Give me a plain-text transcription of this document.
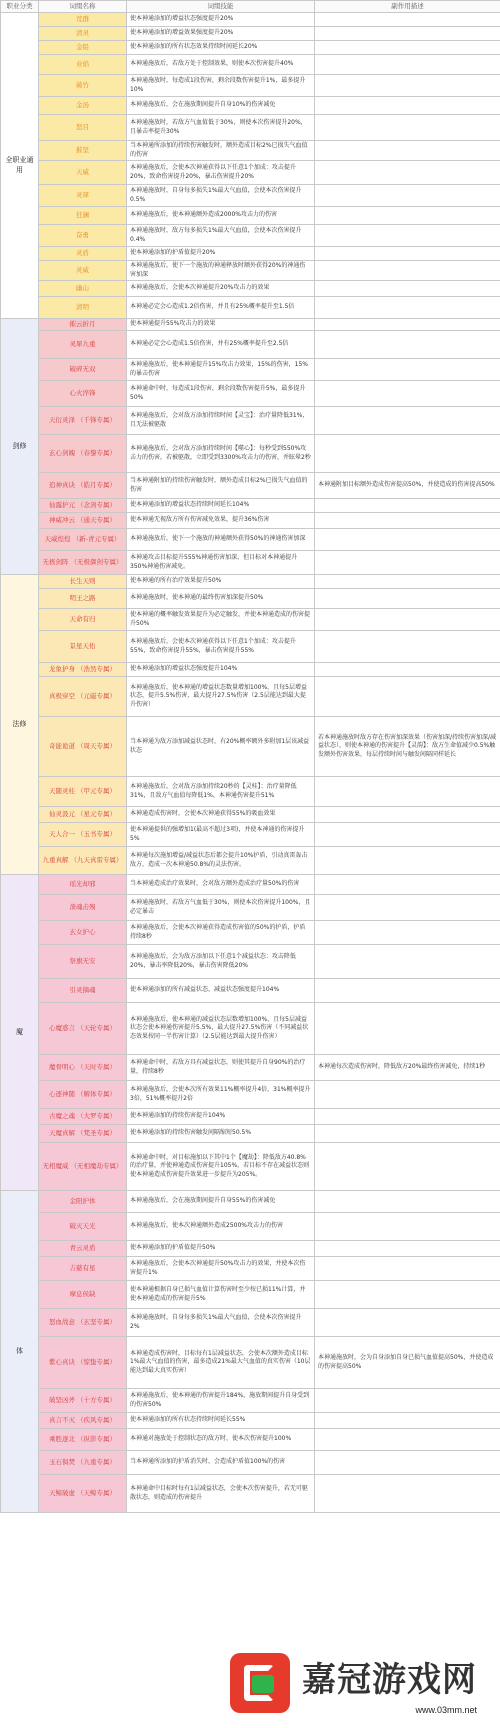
职业分类	词缀名称	词缀技能	副作用描述
全职业通用	荒群	使本神通添加的增益状态强度提升20%	
	清灵	使本神通添加的增益效果强度提升20%	
	金铅	使本神通添加的所有状态效果持续时间延长20%	
	业焰	本神通施放后，若敌方处于控制效果，则使本次伤害提升40%	
	破竹	本神通施放时，每造成1段伤害，剩余段数伤害提升1%，最多提升10%	
	金汤	本神通施放后，会在施放期间提升自身10%的伤害减免	
	怒目	本神通施放时，若敌方气血值低于30%，则使本次伤害提升20%，且暴击率提升30%	
	摧坚	当本神通所添加的持续伤害触发时，额外造成目标2%已损失气血值的伤害	
	天威	本神通施放后，会使本次神通获得以下任意1个加成：攻击提升20%，致命伤害提升20%，暴击伤害提升20%	
	灵犀	本神通施放时，自身每多损失1%最大气血值，会使本次伤害提升0.5%	
	狂澜	本神通施放后，使本神通额外造成2000%攻击力的伤害	
	奋勇	本神通施放时，敌方每多损失1%最大气血值，会使本次伤害提升0.4%	
	灵盾	使本神通添加的护盾值提升20%	
	灵威	本神通施放后，使下一个施放的神通释放时额外获得20%的神通伤害加深	
	幽山	本神通施放后，会使本次神通提升20%攻击力的效果	
	清明	本神通必定会心造成1.2倍伤害，并且有25%概率提升至1.5倍	
剑修	摧云折月	使本神通提升55%攻击力的效果	
	灵犀九重	本神通必定会心造成1.5倍伤害，并有25%概率提升至2.5倍	
	破碎无双	本神通施放后，使本神通提升15%攻击力效果，15%的伤害，15%的暴击伤害	
	心火淬锋	本神通命中时，每造成1段伤害，剩余段数伤害提升5%，最多提升50%	
	天衍灵泽 （千锋专属）	本神通施放后，会对敌方添加持续时间【灵宝】：治疗量降低31%，且无法被驱散	
	玄心剑魄 （春黎专属）	本神通施放后，会对敌方添加持续时间【噬心】：每秒受到550%攻击力的伤害，若被驱散，立即受到3300%攻击力的伤害，并眩晕2秒	
	追神真诀 （皓月专属）	当本神通附加的持续伤害触发时，额外造成目标2%已损失气血值的伤害	本神通附加目标额外造成伤害提高50%，并使造成的伤害提高50%
	仙露护元 （念剑专属）	使本神通添加的增益状态持续时间延长104%	
	神威冲云 （通天专属）	使本神通无视敌方所有伤害减免效果，提升36%伤害	
	天威煌煌 （新-青元专属）	本神通施放后，使下一个施放的神通额外获得50%的神通伤害加深	
	无极剑阵 （无极御剑专属）	本神通攻击目标提升555%神通伤害加深，但目标对本神通提升350%神通伤害减免。	
法修	长生天则	使本神通的所有治疗效果提升50%	
	明王之路	本神通施放时，使本神通的最终伤害加深提升50%	
	天命有归	使本神通的概率触发效果提升为必定触发，并使本神通造成的伤害提升50%	
	景星天佑	本神通施放后，会使本次神通获得以下任意1个加成：攻击提升55%，致命伤害提升55%，暴击伤害提升55%	
	龙象护身 （浩然专属）	使本神通添加的增益状态强度提升104%	
	真极穿空 （元磁专属）	本神通施放后，使本神通的增益状态数量增加100%，且每5层增益状态，提升5.5%伤害，最大提升27.5%伤害（2.5层能达到最大提升伤害）	
	奇能诡道 （周天专属）	当本神通为敌方添加减益状态时，有20%概率额外多附加1层该减益状态	若本神通施放时敌方存在伤害加深效果（伤害加深/持续伤害加深/减益状态），则使本神通的伤害提升【灵韵】：敌方生命值减少0.5%触发额外伤害效果，每层持续时间与触发间隔同样延长
	天随灵桂 （甲元专属）	本神通施放后，会对敌方添加持续20秒的【灵桂】：治疗量降低31%，且敌方气血值每降低1%，本神通伤害提升51%	
	仙灵汲元 （星元专属）	本神通造成伤害时，会使本次神通获得55%的吸血效果	
	天人合一 （玉书专属）	使本神通提供的强增加1(最高不超过3项)，并使本神通的伤害提升5%	
	九重真解 （九天真雷专属）	本神通每次施加增益/减益状态后都会提升10%护盾，引动真雷轰击敌方，造成一次本神通50.8%的灵法伤害。	
魔	瑶光却邪	当本神通造成治疗效果时，会对敌方额外造成治疗量50%的伤害	
	溃魂击殒	本神通施放时，若敌方气血低于30%，则使本次伤害提升100%，且必定暴击	
	玄女护心	本神通施放后，会使本次神通获得造成伤害值的50%的护盾，护盾持续8秒	
	祭旗无安	本神通施放后，会为敌方添加以下任意1个减益状态：攻击降低20%，暴击率降低20%，暴击伤害降低20%	
	引灵摘魂	使本神通添加的所有减益状态，减益状态强度提升104%	
	心魔惑言 （天轮专属）	本神通施放后，使本神通的减益状态层数增加100%，且每5层减益状态会使本神通伤害提升5.5%，最大提升27.5%伤害（不同减益状态效果按同一半伤害计算）（2.5层能达到最大提升伤害）	
	魔骨明心 （天时专属）	本神通命中时，若敌方具有减益状态，则使其提升自身90%的治疗量，持续8秒	本神通每次造成伤害时，降低敌方20%最终伤害减免，持续1秒
	心逐神随 （解体专属）	本神通施放后，会使本次所有效果11%概率提升4倍，31%概率提升3倍，51%概率提升2倍	
	古魔之魂 （大罗专属）	使本神通添加的持续伤害提升104%	
	天魔真解 （梵圣专属）	使本神通添加的持续伤害触发间隔缩短50.5%	
	无相魔威 （无相魔劫专属）	本神通命中时，对目标施加以下其中1个【魔劫】：降低敌方40.8%的治疗量，并使神通造成伤害提升105%，若目标不存在减益状态则使本神通造成伤害提升效果进一步提升为205%。	
体	金阳护体	本神通施放后，会在施放期间提升自身55%的伤害减免	
	破灭天光	本神通施放后，使本次神通额外造成2500%攻击力的伤害	
	青云灵盾	使本神通添加的护盾值提升50%	
	吉慈有星	本神通施放后，会使本次神通提升50%攻击力的效果，并使本次伤害提升1%	
	摩息侯缺	使本神通根据自身已损气血值计算伤害时至少按已损11%计算，并使本神通造成的伤害提升5%	
	怒血战意 （玄坚专属）	本神通施放时，自身每多损失1%最大气血值，会使本次伤害提升2%	
	紫心真诀 （惊蛰专属）	本神通造成伤害时，目标每有1层减益状态，会使本次额外造成目标1%最大气血值的伤害，最多造成21%最大气血值的真实伤害（10层能达到最大真实伤害）	本神通施放时，会为自身添加自身已损气血值提高50%，并使造成的伤害提高50%
	破坚凶斧 （十方专属）	本神通施放后，使本神通的伤害提升184%，施放期间提升自身受到的伤害50%	
	真言不灭 （疾风专属）	使本神通添加的所有状态持续时间延长55%	
	乘胜逐北 （纵影专属）	本神通对施放处于控制状态的敌方时，使本次伤害提升100%	
	玉石俱焚 （九重专属）	当本神通所添加的护盾消失时，会造成护盾值100%的伤害	
	天鲸破虚 （天鲸专属）	本神通命中目标时每有1层减益状态，会使本次伤害提升，若无可驱散状态，则造成的伤害提升	
嘉冠游戏网
www.03mm.net
